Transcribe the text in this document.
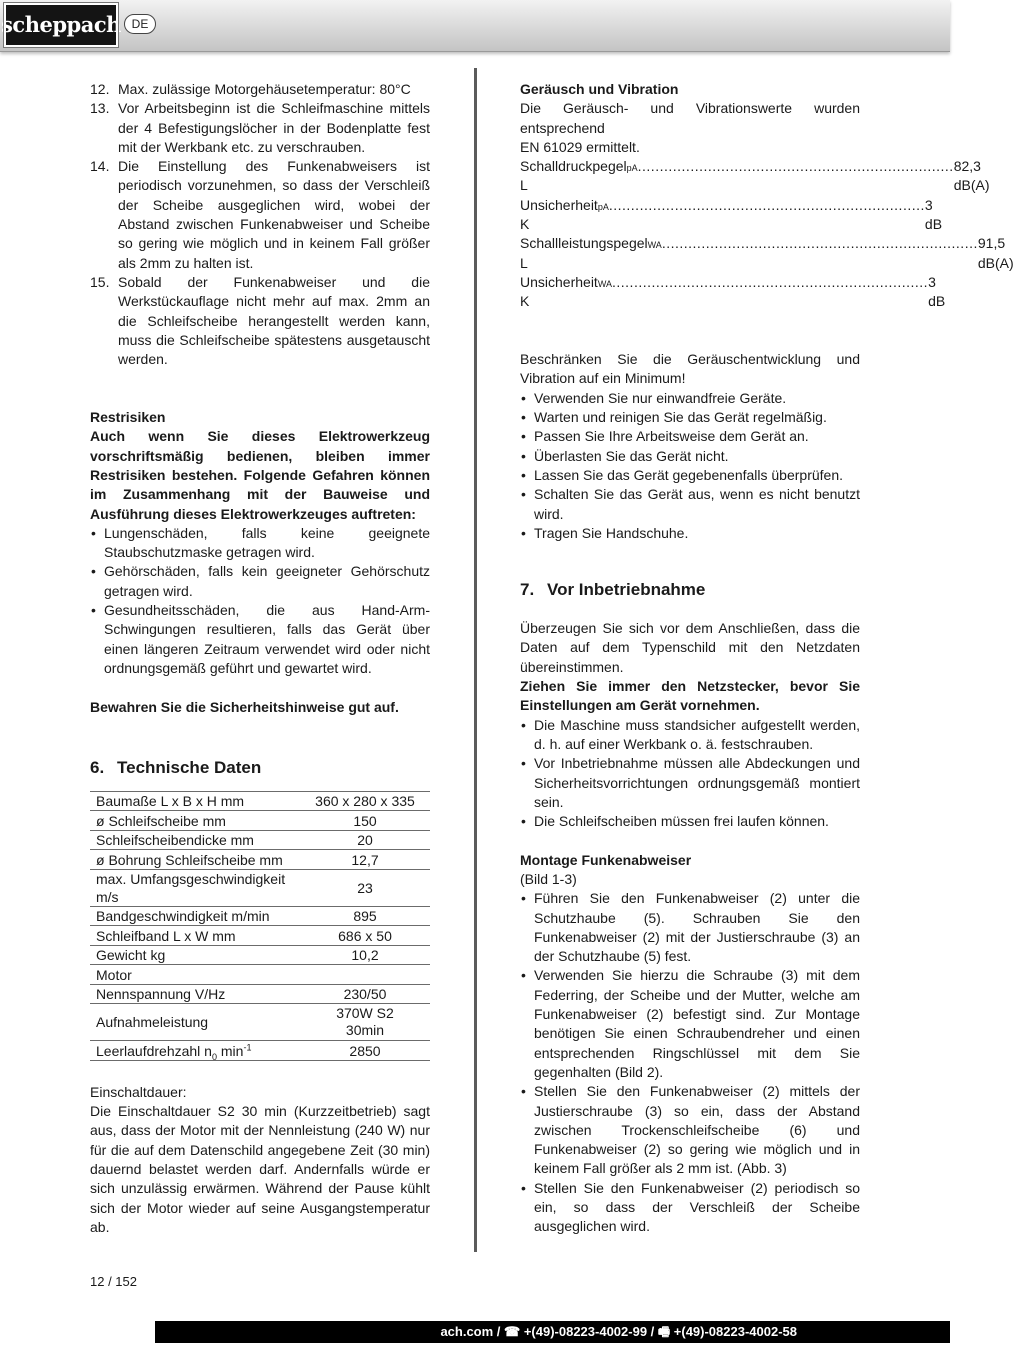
scheppach DE
12. Max. zulässige Motorgehäusetemperatur: 80°C
13. Vor Arbeitsbeginn ist die Schleifmaschine mittels der 4 Befestigungslöcher in der Bodenplatte fest mit der Werkbank etc. zu verschrauben.
14. Die Einstellung des Funkenabweisers ist periodisch vorzunehmen, so dass der Verschleiß der Scheibe ausgeglichen wird, wobei der Abstand zwischen Funkenabweiser und Scheibe so gering wie möglich und in keinem Fall größer als 2mm zu halten ist.
15. Sobald der Funkenabweiser und die Werkstückauflage nicht mehr auf max. 2mm an die Schleifscheibe herangestellt werden kann, muss die Schleifscheibe spätestens ausgetauscht werden.

Restrisiken

Auch wenn Sie dieses Elektrowerkzeug vorschriftsmäßig bedienen, bleiben immer Restrisiken bestehen. Folgende Gefahren können im Zusammenhang mit der Bauweise und Ausführung dieses Elektrowerkzeuges auftreten:

• Lungenschäden, falls keine geeignete Staubschutzmaske getragen wird.
• Gehörschäden, falls kein geeigneter Gehörschutz getragen wird.
• Gesundheitsschäden, die aus Hand-Arm- Schwingungen resultieren, falls das Gerät über einen längeren Zeitraum verwendet wird oder nicht ordnungsgemäß geführt und gewartet wird.

Bewahren Sie die Sicherheitshinweise gut auf.

6. Technische Daten
Baumaße L x B x H mm	360 x 280 x 335
ø Schleifscheibe mm	150
Schleifscheibendicke mm	20
ø Bohrung Schleifscheibe mm	12,7
max. Umfangsgeschwindigkeit m/s	23
Bandgeschwindigkeit m/min	895
Schleifband L x W mm	686 x 50
Gewicht kg	10,2
Motor	
Nennspannung V/Hz	230/50
Aufnahmeleistung	370W S2
30min
Leerlaufdrehzahl $n_0$ $\min^{-1}$	2850

Einschaltdauer:

Die Einschaltdauer S2 30 min (Kurzzeitbetrieb) sagt aus, dass der Motor mit der Nennleistung (240 W) nur für die auf dem Datenschild angegebene Zeit (30 min) dauernd belastet werden darf. Andernfalls würde er sich unzulässig erwärmen. Während der Pause kühlt sich der Motor wieder auf seine Ausgangstemperatur ab.

Geräusch und Vibration

Die Geräusch- und Vibrationswerte wurden entsprechend

EN 61029 ermittelt.

Schalldruckpegel L
pA ........................................................................ 82,3 dB(A)
Unsicherheit K
pA ........................................................................ 3 dB
Schallleistungspegel L
WA ........................................................................ 91,5 dB(A)
Unsicherheit K
WA ........................................................................ 3 dB

Beschränken Sie die Geräuschentwicklung und Vibration auf ein Minimum!

• Verwenden Sie nur einwandfreie Geräte.
• Warten und reinigen Sie das Gerät regelmäßig.
• Passen Sie Ihre Arbeitsweise dem Gerät an.
• Überlasten Sie das Gerät nicht.
• Lassen Sie das Gerät gegebenenfalls überprüfen.
• Schalten Sie das Gerät aus, wenn es nicht benutzt wird.
• Tragen Sie Handschuhe.
7. Vor Inbetriebnahme

Überzeugen Sie sich vor dem Anschließen, dass die Daten auf dem Typenschild mit den Netzdaten übereinstimmen.

Ziehen Sie immer den Netzstecker, bevor Sie Einstellungen am Gerät vornehmen.

• Die Maschine muss standsicher aufgestellt werden, d. h. auf einer Werkbank o. ä. festschrauben.
• Vor Inbetriebnahme müssen alle Abdeckungen und Sicherheitsvorrichtungen ordnungsgemäß montiert sein.
• Die Schleifscheiben müssen frei laufen können.

Montage Funkenabweiser

(Bild 1-3)

• Führen Sie den Funkenabweiser (2) unter die Schutzhaube (5). Schrauben Sie den Funkenabweiser (2) mit der Justierschraube (3) an der Schutzhaube (5) fest.
• Verwenden Sie hierzu die Schraube (3) mit dem Federring, der Scheibe und der Mutter, welche am Funkenabweiser (2) befestigt sind. Zur Montage benötigen Sie einen Schraubendreher und einen entsprechenden Ringschlüssel mit dem Sie gegenhalten (Bild 2).
• Stellen Sie den Funkenabweiser (2) mittels der Justierschraube (3) so ein, dass der Abstand zwischen Trockenschleifscheibe (6) und Funkenabweiser (2) so gering wie möglich und in keinem Fall größer als 2 mm ist. (Abb. 3)
• Stellen Sie den Funkenabweiser (2) periodisch so ein, so dass der Verschleiß der Scheibe ausgeglichen wird.
12 / 152
ach.com / ☎ +(49)-08223-4002-99 / 🖷 +(49)-08223-4002-58
